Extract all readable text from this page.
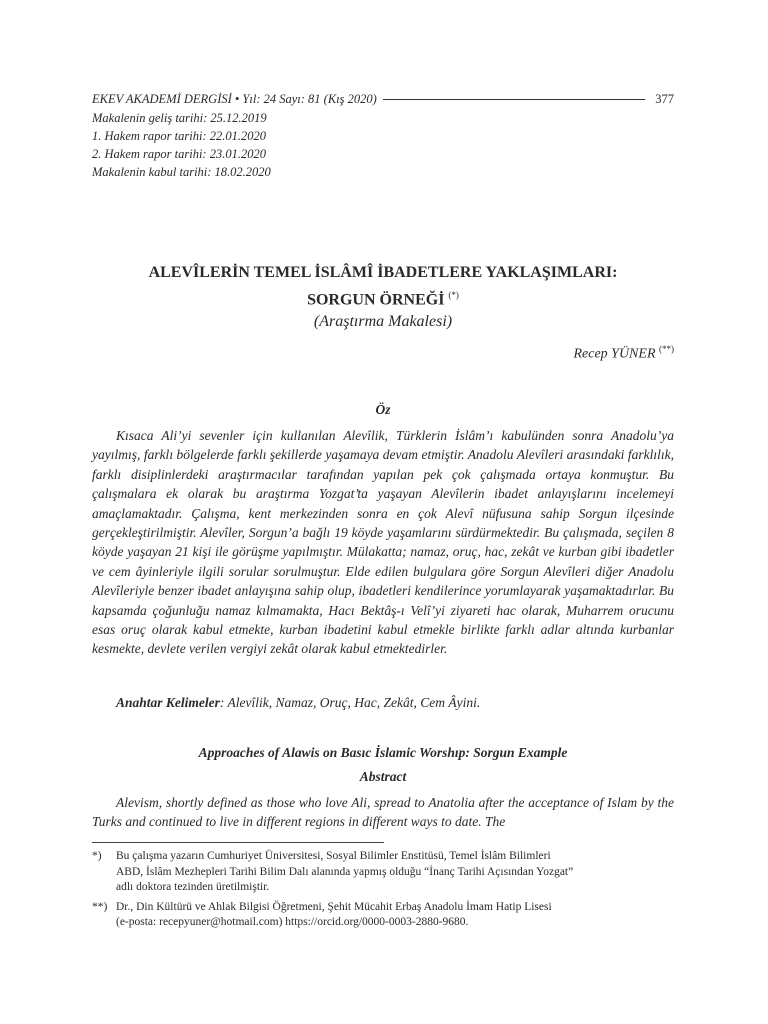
EKEV AKADEMİ DERGİSİ • Yıl: 24 Sayı: 81 (Kış 2020)	377
Makalenin geliş tarihi: 25.12.2019
1. Hakem rapor tarihi: 22.01.2020
2. Hakem rapor tarihi: 23.01.2020
Makalenin kabul tarihi: 18.02.2020
ALEVÎLERİN TEMEL İSLÂMÎ İBADETLERE YAKLAŞIMLARI:
SORGUN ÖRNEĞİ (*)
(Araştırma Makalesi)
Recep YÜNER (**)
Öz

Kısaca Ali’yi sevenler için kullanılan Alevîlik, Türklerin İslâm’ı kabulünden sonra Anadolu’ya yayılmış, farklı bölgelerde farklı şekillerde yaşamaya devam etmiştir. Anadolu Alevîleri arasındaki farklılık, farklı disiplinlerdeki araştırmacılar tarafından yapılan pek çok çalışmada ortaya konmuştur. Bu çalışmalara ek olarak bu araştırma Yozgat’ta yaşayan Alevîlerin ibadet anlayışlarını incelemeyi amaçlamaktadır. Çalışma, kent merkezinden sonra en çok Alevî nüfusuna sahip Sorgun ilçesinde gerçekleştirilmiştir. Alevîler, Sorgun’a bağlı 19 köyde yaşamlarını sürdürmektedir. Bu çalışmada, seçilen 8 köyde yaşayan 21 kişi ile görüşme yapılmıştır. Mülakatta; namaz, oruç, hac, zekât ve kurban gibi ibadetler ve cem âyinleriyle ilgili sorular sorulmuştur. Elde edilen bulgulara göre Sorgun Alevîleri diğer Anadolu Alevîleriyle benzer ibadet anlayışına sahip olup, ibadetleri kendilerince yorumlayarak yaşamaktadırlar. Bu kapsamda çoğunluğu namaz kılmamakta, Hacı Bektâş-ı Velî’yi ziyareti hac olarak, Muharrem orucunu esas oruç olarak kabul etmekte, kurban ibadetini kabul etmekle birlikte farklı adlar altında kurbanlar kesmekte, devlete verilen vergiyi zekât olarak kabul etmektedirler.

Anahtar Kelimeler: Alevîlik, Namaz, Oruç, Hac, Zekât, Cem Âyini.
Approaches of Alawis on Basıc İslamic Worshıp: Sorgun Example
Abstract

Alevism, shortly defined as those who love Ali, spread to Anatolia after the acceptance of Islam by the Turks and continued to live in different regions in different ways to date. The

*)	Bu çalışma yazarın Cumhuriyet Üniversitesi, Sosyal Bilimler Enstitüsü, Temel İslâm Bilimleri
ABD, İslâm Mezhepleri Tarihi Bilim Dalı alanında yapmış olduğu “İnanç Tarihi Açısından Yozgat”
adlı doktora tezinden üretilmiştir.
**) Dr., Din Kültürü ve Ahlak Bilgisi Öğretmeni, Şehit Mücahit Erbaş Anadolu İmam Hatip Lisesi
(e-posta: recepyuner@hotmail.com) https://orcid.org/0000-0003-2880-9680.
